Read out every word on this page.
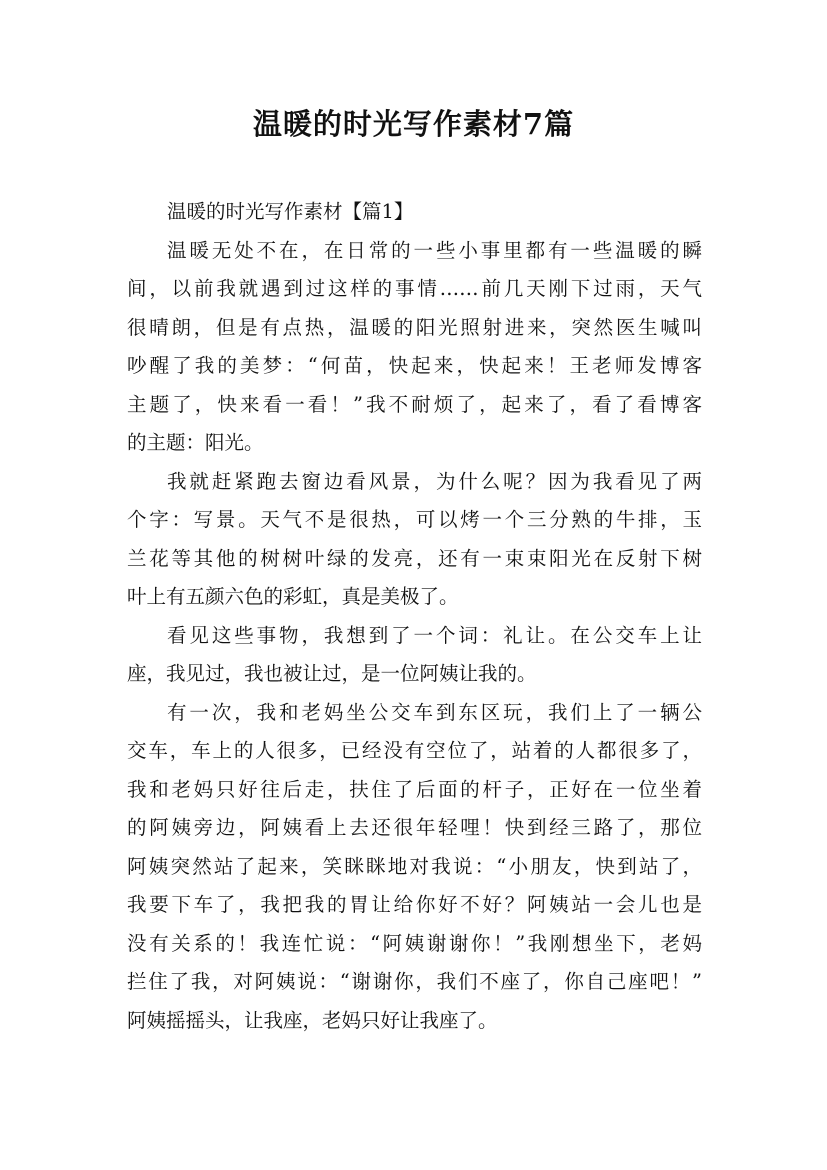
温暖的时光写作素材7篇

温暖的时光写作素材【篇1】

温暖无处不在，在日常的一些小事里都有一些温暖的瞬

间，以前我就遇到过这样的事情……前几天刚下过雨，天气

很晴朗，但是有点热，温暖的阳光照射进来，突然医生喊叫

吵醒了我的美梦：“何苗，快起来，快起来！王老师发博客

主题了，快来看一看！”我不耐烦了，起来了，看了看博客

的主题：阳光。

我就赶紧跑去窗边看风景，为什么呢？因为我看见了两

个字：写景。天气不是很热，可以烤一个三分熟的牛排，玉

兰花等其他的树树叶绿的发亮，还有一束束阳光在反射下树

叶上有五颜六色的彩虹，真是美极了。

看见这些事物，我想到了一个词：礼让。在公交车上让

座，我见过，我也被让过，是一位阿姨让我的。

有一次，我和老妈坐公交车到东区玩，我们上了一辆公

交车，车上的人很多，已经没有空位了，站着的人都很多了，

我和老妈只好往后走，扶住了后面的杆子，正好在一位坐着

的阿姨旁边，阿姨看上去还很年轻哩！快到经三路了，那位

阿姨突然站了起来，笑眯眯地对我说：“小朋友，快到站了，

我要下车了，我把我的胃让给你好不好？阿姨站一会儿也是

没有关系的！我连忙说：“阿姨谢谢你！”我刚想坐下，老妈

拦住了我，对阿姨说：“谢谢你，我们不座了，你自己座吧！”

阿姨摇摇头，让我座，老妈只好让我座了。
